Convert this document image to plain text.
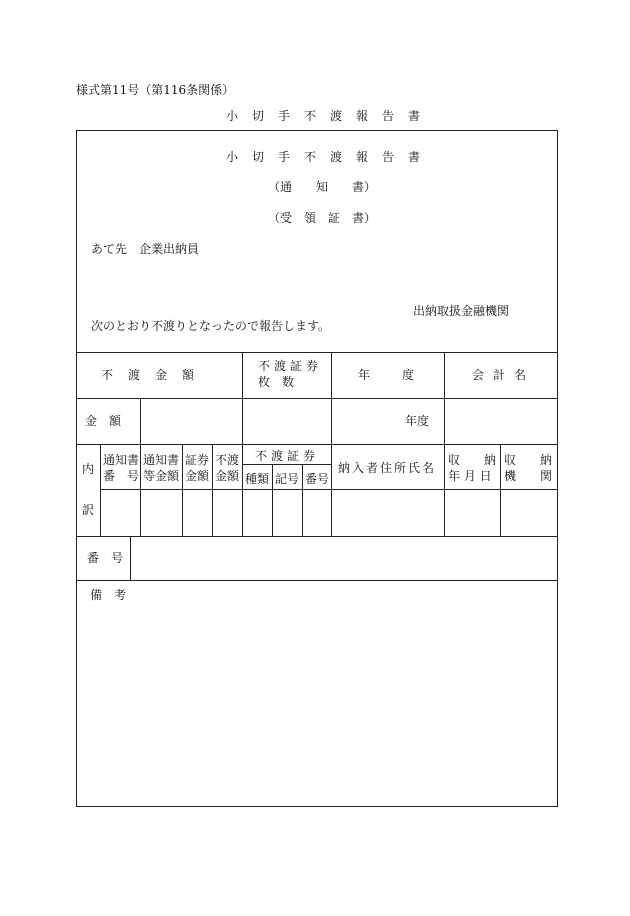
様式第11号（第116条関係）
小　切　手　不　渡　報　告　書
小　切　手　不　渡　報　告　書
（通　　知　　書）
（受　領　証　書）
あて先　企業出納員
出納取扱金融機関
次のとおり不渡りとなったので報告します。
不渡金額
不渡証券
枚　数	年度 会計名
金額	年度
内
訳
通知書
番　号
通知書
等金額
証券
金額
不渡
金額
不渡証券
種類 記号 番号
納入者住所氏名
収　　納
年 月 日
収　　納
機　　関
番　号
備　考
